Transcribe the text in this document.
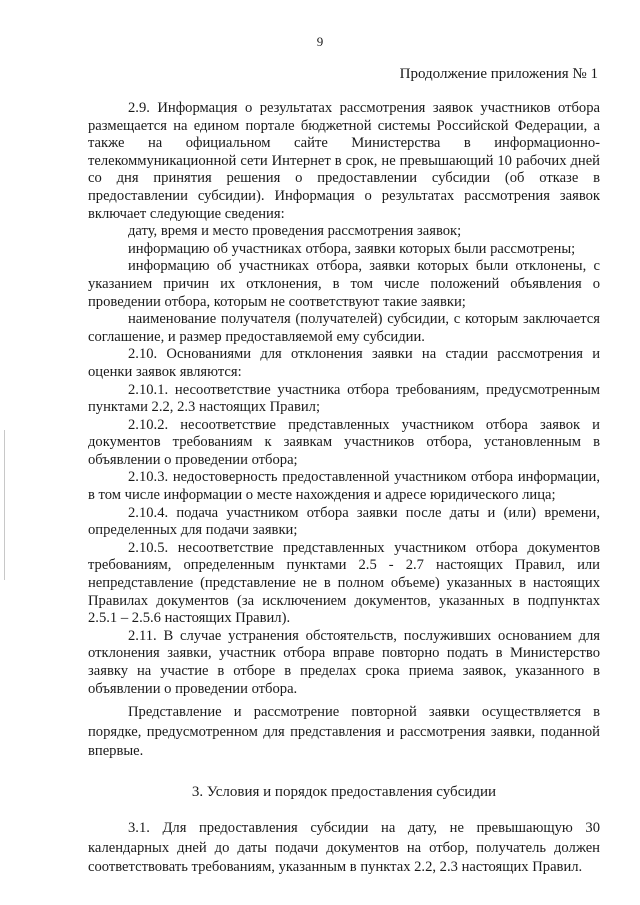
9
Продолжение приложения № 1

2.9. Информация о результатах рассмотрения заявок участников отбора размещается на едином портале бюджетной системы Российской Федерации, а также на официальном сайте Министерства в информационно-телекоммуникационной сети Интернет в срок, не превышающий 10 рабочих дней со дня принятия решения о предоставлении субсидии (об отказе в предоставлении субсидии). Информация о результатах рассмотрения заявок включает следующие сведения:

дату, время и место проведения рассмотрения заявок;

информацию об участниках отбора, заявки которых были рассмотрены;

информацию об участниках отбора, заявки которых были отклонены, с указанием причин их отклонения, в том числе положений объявления о проведении отбора, которым не соответствуют такие заявки;

наименование получателя (получателей) субсидии, с которым заключается соглашение, и размер предоставляемой ему субсидии.

2.10. Основаниями для отклонения заявки на стадии рассмотрения и оценки заявок являются:

2.10.1. несоответствие участника отбора требованиям, предусмотренным пунктами 2.2, 2.3 настоящих Правил;

2.10.2. несоответствие представленных участником отбора заявок и документов требованиям к заявкам участников отбора, установленным в объявлении о проведении отбора;

2.10.3. недостоверность предоставленной участником отбора информации, в том числе информации о месте нахождения и адресе юридического лица;

2.10.4. подача участником отбора заявки после даты и (или) времени, определенных для подачи заявки;

2.10.5. несоответствие представленных участником отбора документов требованиям, определенным пунктами 2.5 - 2.7 настоящих Правил, или непредставление (представление не в полном объеме) указанных в настоящих Правилах документов (за исключением документов, указанных в подпунктах 2.5.1 – 2.5.6 настоящих Правил).

2.11. В случае устранения обстоятельств, послуживших основанием для отклонения заявки, участник отбора вправе повторно подать в Министерство заявку на участие в отборе в пределах срока приема заявок, указанного в объявлении о проведении отбора.

Представление и рассмотрение повторной заявки осуществляется в порядке, предусмотренном для представления и рассмотрения заявки, поданной впервые.

3. Условия и порядок предоставления субсидии

3.1. Для предоставления субсидии на дату, не превышающую 30 календарных дней до даты подачи документов на отбор, получатель должен соответствовать требованиям, указанным в пунктах 2.2, 2.3 настоящих Правил.
